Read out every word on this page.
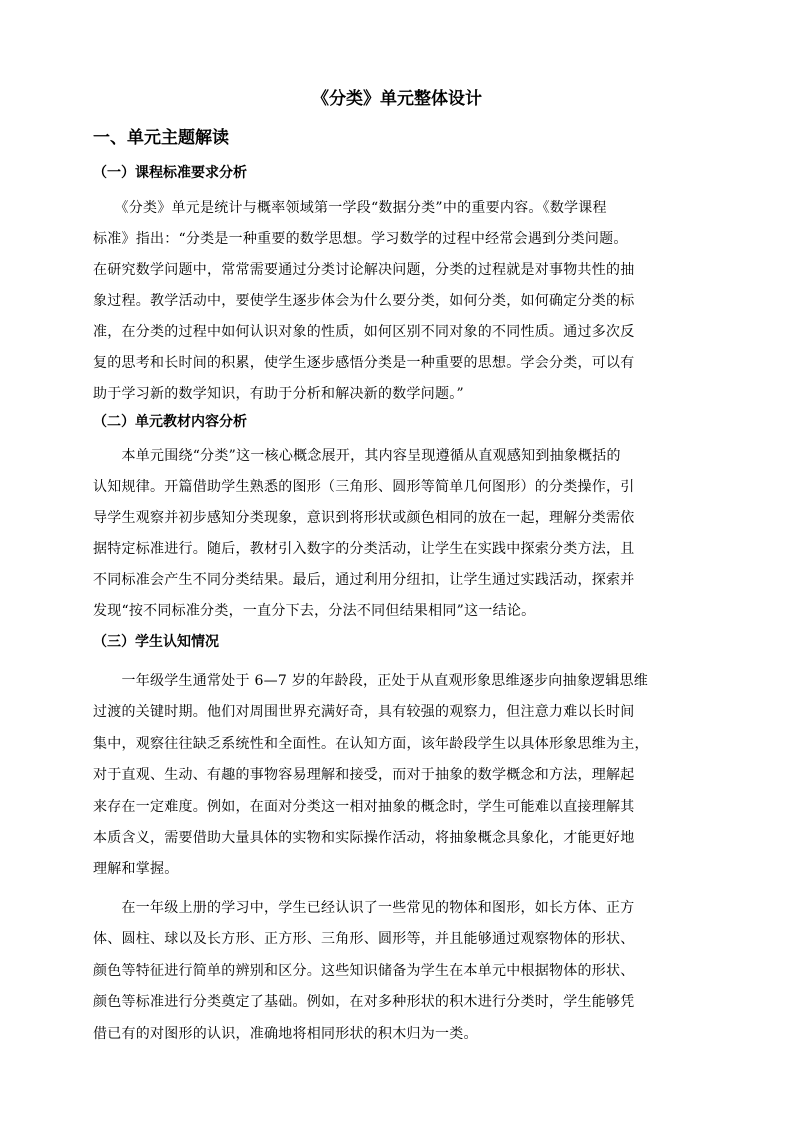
《分类》单元整体设计
一、单元主题解读
（一）课程标准要求分析
　　《分类》单元是统计与概率领域第一学段“数据分类”中的重要内容。《数学课程
标准》指出：“分类是一种重要的数学思想。学习数学的过程中经常会遇到分类问题。
在研究数学问题中，常常需要通过分类讨论解决问题，分类的过程就是对事物共性的抽
象过程。教学活动中，要使学生逐步体会为什么要分类，如何分类，如何确定分类的标
准，在分类的过程中如何认识对象的性质，如何区别不同对象的不同性质。通过多次反
复的思考和长时间的积累，使学生逐步感悟分类是一种重要的思想。学会分类，可以有
助于学习新的数学知识，有助于分析和解决新的数学问题。”
（二）单元教材内容分析
　　本单元围绕“分类”这一核心概念展开，其内容呈现遵循从直观感知到抽象概括的
认知规律。开篇借助学生熟悉的图形（三角形、圆形等简单几何图形）的分类操作，引
导学生观察并初步感知分类现象，意识到将形状或颜色相同的放在一起，理解分类需依
据特定标准进行。随后，教材引入数字的分类活动，让学生在实践中探索分类方法，且
不同标准会产生不同分类结果。最后，通过利用分纽扣，让学生通过实践活动，探索并
发现“按不同标准分类，一直分下去，分法不同但结果相同”这一结论。
（三）学生认知情况
　　一年级学生通常处于 6—7 岁的年龄段，正处于从直观形象思维逐步向抽象逻辑思维
过渡的关键时期。他们对周围世界充满好奇，具有较强的观察力，但注意力难以长时间
集中，观察往往缺乏系统性和全面性。在认知方面，该年龄段学生以具体形象思维为主，
对于直观、生动、有趣的事物容易理解和接受，而对于抽象的数学概念和方法，理解起
来存在一定难度。例如，在面对分类这一相对抽象的概念时，学生可能难以直接理解其
本质含义，需要借助大量具体的实物和实际操作活动，将抽象概念具象化，才能更好地
理解和掌握。
　　在一年级上册的学习中，学生已经认识了一些常见的物体和图形，如长方体、正方
体、圆柱、球以及长方形、正方形、三角形、圆形等，并且能够通过观察物体的形状、
颜色等特征进行简单的辨别和区分。这些知识储备为学生在本单元中根据物体的形状、
颜色等标准进行分类奠定了基础。例如，在对多种形状的积木进行分类时，学生能够凭
借已有的对图形的认识，准确地将相同形状的积木归为一类。
